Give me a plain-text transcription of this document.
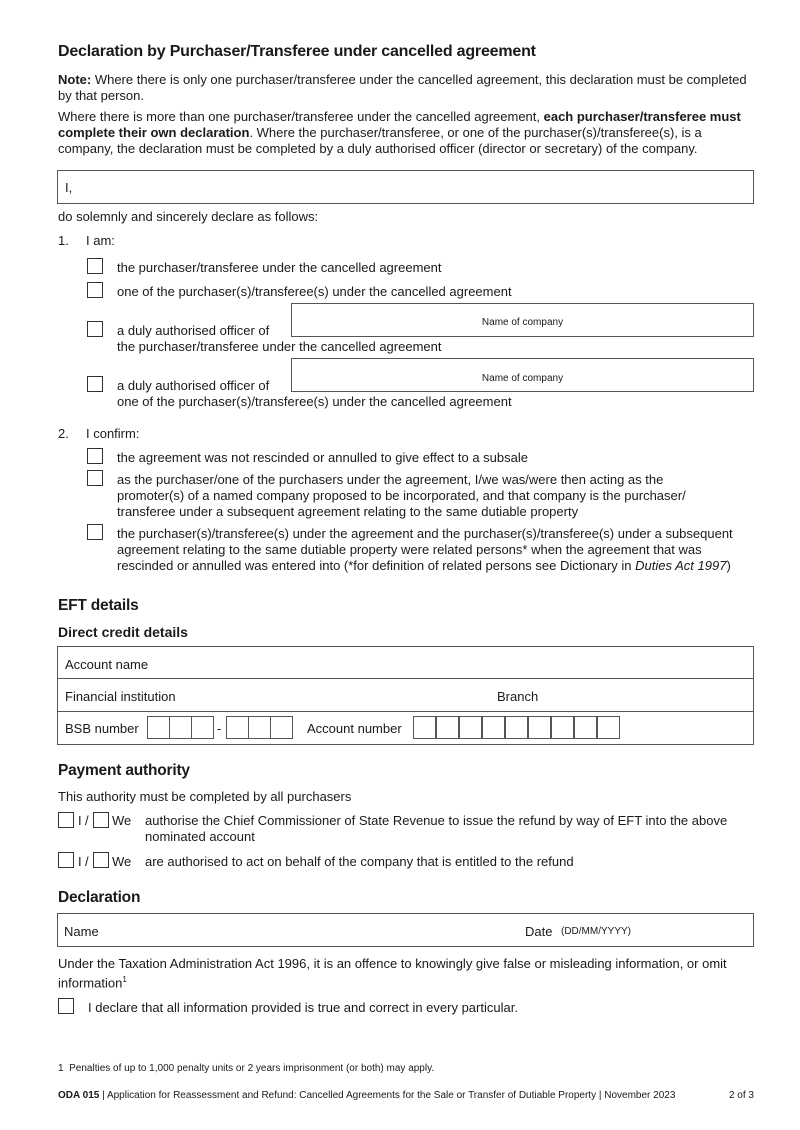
Declaration by Purchaser/Transferee under cancelled agreement
Note: Where there is only one purchaser/transferee under the cancelled agreement, this declaration must be completed by that person.
Where there is more than one purchaser/transferee under the cancelled agreement, each purchaser/transferee must complete their own declaration. Where the purchaser/transferee, or one of the purchaser(s)/transferee(s), is a company, the declaration must be completed by a duly authorised officer (director or secretary) of the company.
I,
do solemnly and sincerely declare as follows:
1. I am:
the purchaser/transferee under the cancelled agreement
one of the purchaser(s)/transferee(s) under the cancelled agreement
a duly authorised officer of
the purchaser/transferee under the cancelled agreement
Name of company
a duly authorised officer of
one of the purchaser(s)/transferee(s) under the cancelled agreement
Name of company
2. I confirm:
the agreement was not rescinded or annulled to give effect to a subsale
as the purchaser/one of the purchasers under the agreement, I/we was/were then acting as the promoter(s) of a named company proposed to be incorporated, and that company is the purchaser/ transferee under a subsequent agreement relating to the same dutiable property
the purchaser(s)/transferee(s) under the agreement and the purchaser(s)/transferee(s) under a subsequent agreement relating to the same dutiable property were related persons* when the agreement that was rescinded or annulled was entered into (*for definition of related persons see Dictionary in Duties Act 1997)
EFT details
Direct credit details
Account name
Financial institution	Branch
BSB number	-	Account number
Payment authority
This authority must be completed by all purchasers
I / We authorise the Chief Commissioner of State Revenue to issue the refund by way of EFT into the above nominated account
I / We are authorised to act on behalf of the company that is entitled to the refund
Declaration
Name	Date (DD/MM/YYYY)
Under the Taxation Administration Act 1996, it is an offence to knowingly give false or misleading information, or omit information$^1$
I declare that all information provided is true and correct in every particular.
1 Penalties of up to 1,000 penalty units or 2 years imprisonment (or both) may apply.
ODA 015 | Application for Reassessment and Refund: Cancelled Agreements for the Sale or Transfer of Dutiable Property | November 2023	2 of 3
